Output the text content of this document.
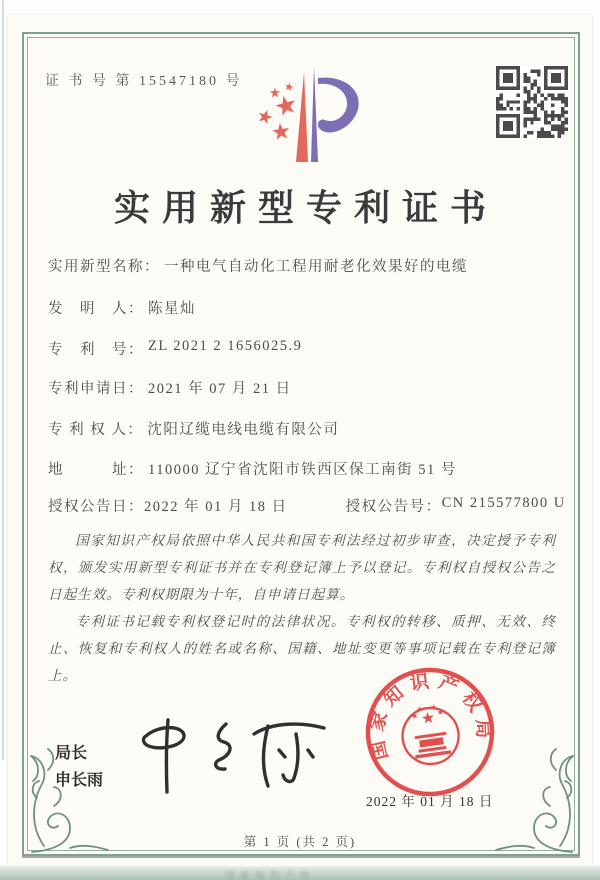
证 书 号 第 15547180 号
实用新型专利证书
实用新型名称： 一种电气自动化工程用耐老化效果好的电缆
发　明　人： 陈星灿
专　利　号： ZL 2021 2 1656025.9
专利申请日： 2021 年 07 月 21 日
专 利 权 人： 沈阳辽缆电线电缆有限公司
地　　　址： 110000 辽宁省沈阳市铁西区保工南街 51 号
授权公告日： 2022 年 01 月 18 日	授权公告号： CN 215577800 U

国家知识产权局依照中华人民共和国专利法经过初步审查，决定授予专利权，颁发实用新型专利证书并在专利登记簿上予以登记。专利权自授权公告之日起生效。专利权期限为十年，自申请日起算。

专利证书记载专利权登记时的法律状况。专利权的转移、质押、无效、终止、恢复和专利权人的姓名或名称、国籍、地址变更等事项记载在专利登记簿上。

局长
申长雨
国家知识产权局
2022 年 01 月 18 日
第 1 页 (共 2 页)
国家知识产权
